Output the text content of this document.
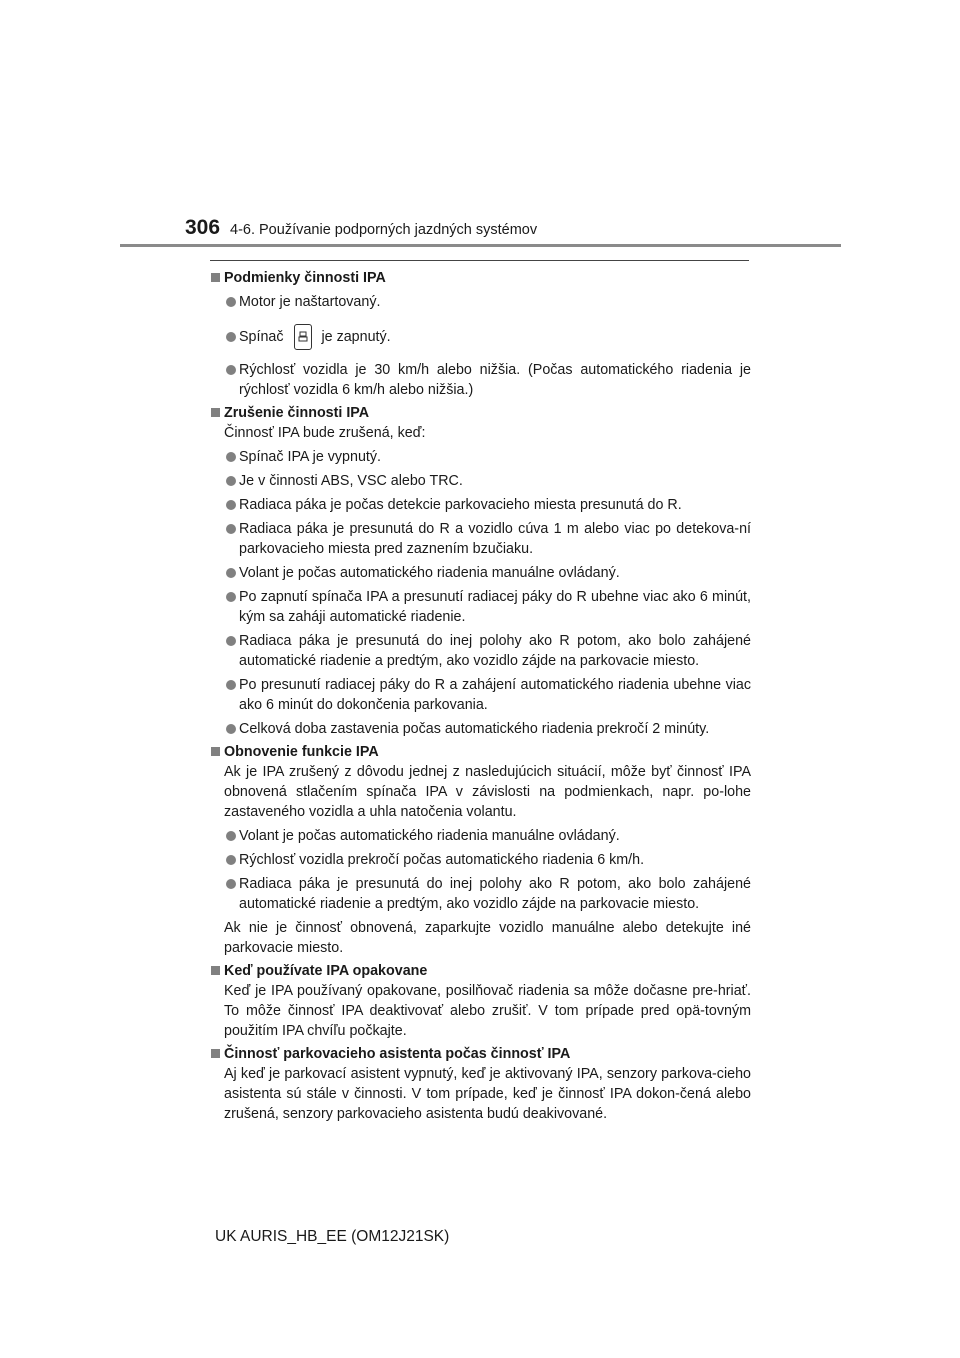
306 4-6. Používanie podporných jazdných systémov
Podmienky činnosti IPA
Motor je naštartovaný.
Spínač	je zapnutý.
Rýchlosť vozidla je 30 km/h alebo nižšia. (Počas automatického riadenia je rýchlosť vozidla 6 km/h alebo nižšia.)
Zrušenie činnosti IPA
Činnosť IPA bude zrušená, keď:
Spínač IPA je vypnutý.
Je v činnosti ABS, VSC alebo TRC.
Radiaca páka je počas detekcie parkovacieho miesta presunutá do R.
Radiaca páka je presunutá do R a vozidlo cúva 1 m alebo viac po detekova-ní parkovacieho miesta pred zaznením bzučiaku.
Volant je počas automatického riadenia manuálne ovládaný.
Po zapnutí spínača IPA a presunutí radiacej páky do R ubehne viac ako 6 minút, kým sa zaháji automatické riadenie.
Radiaca páka je presunutá do inej polohy ako R potom, ako bolo zahájené automatické riadenie a predtým, ako vozidlo zájde na parkovacie miesto.
Po presunutí radiacej páky do R a zahájení automatického riadenia ubehne viac ako 6 minút do dokončenia parkovania.
Celková doba zastavenia počas automatického riadenia prekročí 2 minúty.
Obnovenie funkcie IPA
Ak je IPA zrušený z dôvodu jednej z nasledujúcich situácií, môže byť činnosť IPA obnovená stlačením spínača IPA v závislosti na podmienkach, napr. po-lohe zastaveného vozidla a uhla natočenia volantu.
Volant je počas automatického riadenia manuálne ovládaný.
Rýchlosť vozidla prekročí počas automatického riadenia 6 km/h.
Radiaca páka je presunutá do inej polohy ako R potom, ako bolo zahájené automatické riadenie a predtým, ako vozidlo zájde na parkovacie miesto.
Ak nie je činnosť obnovená, zaparkujte vozidlo manuálne alebo detekujte iné parkovacie miesto.
Keď používate IPA opakovane
Keď je IPA používaný opakovane, posilňovač riadenia sa môže dočasne pre-hriať. To môže činnosť IPA deaktivovať alebo zrušiť. V tom prípade pred opä-tovným použitím IPA chvíľu počkajte.
Činnosť parkovacieho asistenta počas činnosť IPA
Aj keď je parkovací asistent vypnutý, keď je aktivovaný IPA, senzory parkova-cieho asistenta sú stále v činnosti. V tom prípade, keď je činnosť IPA dokon-čená alebo zrušená, senzory parkovacieho asistenta budú deakivované.
UK AURIS_HB_EE (OM12J21SK)
